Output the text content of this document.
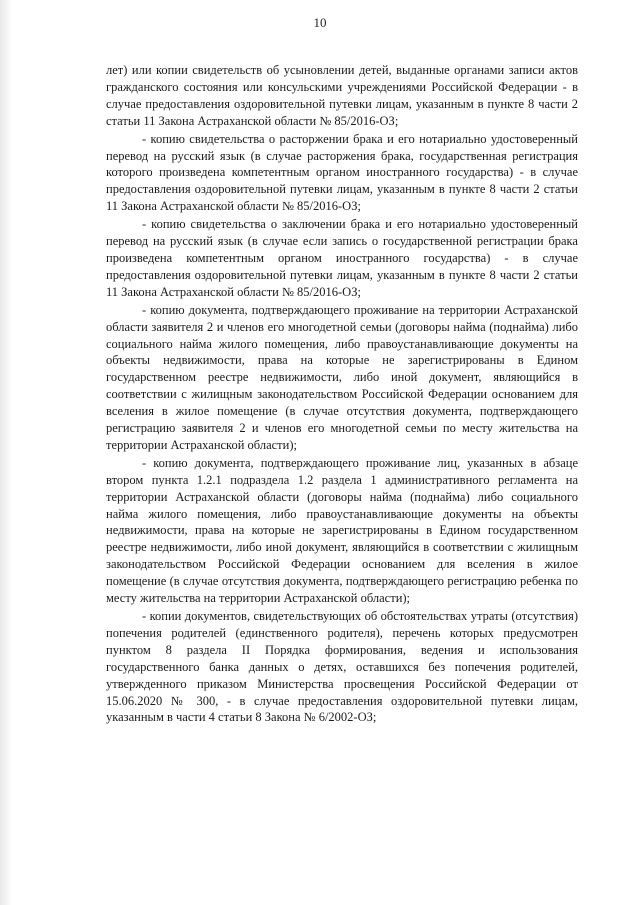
10

лет) или копии свидетельств об усыновлении детей, выданные органами записи актов гражданского состояния или консульскими учреждениями Российской Федерации - в случае предоставления оздоровительной путевки лицам, указанным в пункте 8 части 2 статьи 11 Закона Астраханской области № 85/2016-ОЗ;

- копию свидетельства о расторжении брака и его нотариально удостоверенный перевод на русский язык (в случае расторжения брака, государственная регистрация которого произведена компетентным органом иностранного государства) - в случае предоставления оздоровительной путевки лицам, указанным в пункте 8 части 2 статьи 11 Закона Астраханской области № 85/2016-ОЗ;

- копию свидетельства о заключении брака и его нотариально удостоверенный перевод на русский язык (в случае если запись о государственной регистрации брака произведена компетентным органом иностранного государства) - в случае предоставления оздоровительной путевки лицам, указанным в пункте 8 части 2 статьи 11 Закона Астраханской области № 85/2016-ОЗ;

- копию документа, подтверждающего проживание на территории Астраханской области заявителя 2 и членов его многодетной семьи (договоры найма (поднайма) либо социального найма жилого помещения, либо правоустанавливающие документы на объекты недвижимости, права на которые не зарегистрированы в Едином государственном реестре недвижимости, либо иной документ, являющийся в соответствии с жилищным законодательством Российской Федерации основанием для вселения в жилое помещение (в случае отсутствия документа, подтверждающего регистрацию заявителя 2 и членов его многодетной семьи по месту жительства на территории Астраханской области);

- копию документа, подтверждающего проживание лиц, указанных в абзаце втором пункта 1.2.1 подраздела 1.2 раздела 1 административного регламента на территории Астраханской области (договоры найма (поднайма) либо социального найма жилого помещения, либо правоустанавливающие документы на объекты недвижимости, права на которые не зарегистрированы в Едином государственном реестре недвижимости, либо иной документ, являющийся в соответствии с жилищным законодательством Российской Федерации основанием для вселения в жилое помещение (в случае отсутствия документа, подтверждающего регистрацию ребенка по месту жительства на территории Астраханской области);

- копии документов, свидетельствующих об обстоятельствах утраты (отсутствия) попечения родителей (единственного родителя), перечень которых предусмотрен пунктом 8 раздела II Порядка формирования, ведения и использования государственного банка данных о детях, оставшихся без попечения родителей, утвержденного приказом Министерства просвещения Российской Федерации от 15.06.2020 № 300, - в случае предоставления оздоровительной путевки лицам, указанным в части 4 статьи 8 Закона № 6/2002-ОЗ;
